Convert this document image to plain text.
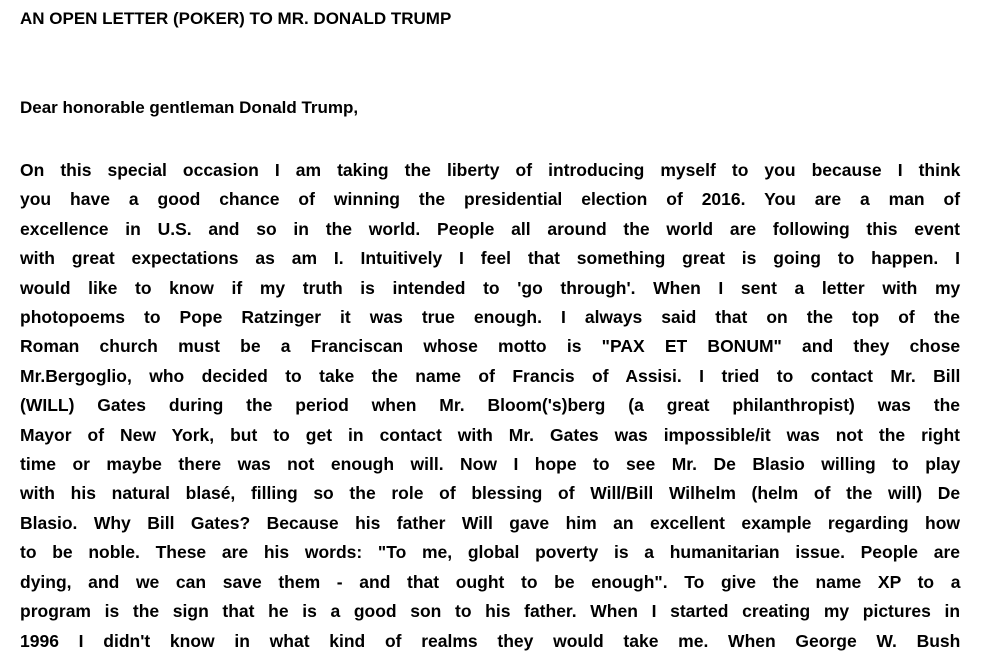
AN OPEN LETTER (POKER) TO MR. DONALD TRUMP
Dear honorable gentleman Donald Trump,
On this special occasion I am taking the liberty of introducing myself to you because I think
you have a good chance of winning the presidential election of 2016. You are a man of
excellence in U.S. and so in the world. People all around the world are following this event
with great expectations as am I. Intuitively I feel that something great is going to happen. I
would like to know if my truth is intended to 'go through'. When I sent a letter with my
photopoems to Pope Ratzinger it was true enough. I always said that on the top of the
Roman church must be a Franciscan whose motto is "PAX ET BONUM" and they chose
Mr.Bergoglio, who decided to take the name of Francis of Assisi. I tried to contact Mr. Bill
(WILL) Gates during the period when Mr. Bloom('s)berg (a great philanthropist) was the
Mayor of New York, but to get in contact with Mr. Gates was impossible/it was not the right
time or maybe there was not enough will. Now I hope to see Mr. De Blasio willing to play
with his natural blasé, filling so the role of blessing of Will/Bill Wilhelm (helm of the will) De
Blasio. Why Bill Gates? Because his father Will gave him an excellent example regarding how
to be noble. These are his words: "To me, global poverty is a humanitarian issue. People are
dying, and we can save them - and that ought to be enough". To give the name XP to a
program is the sign that he is a good son to his father. When I started creating my pictures in
1996 I didn't know in what kind of realms they would take me. When George W. Bush
